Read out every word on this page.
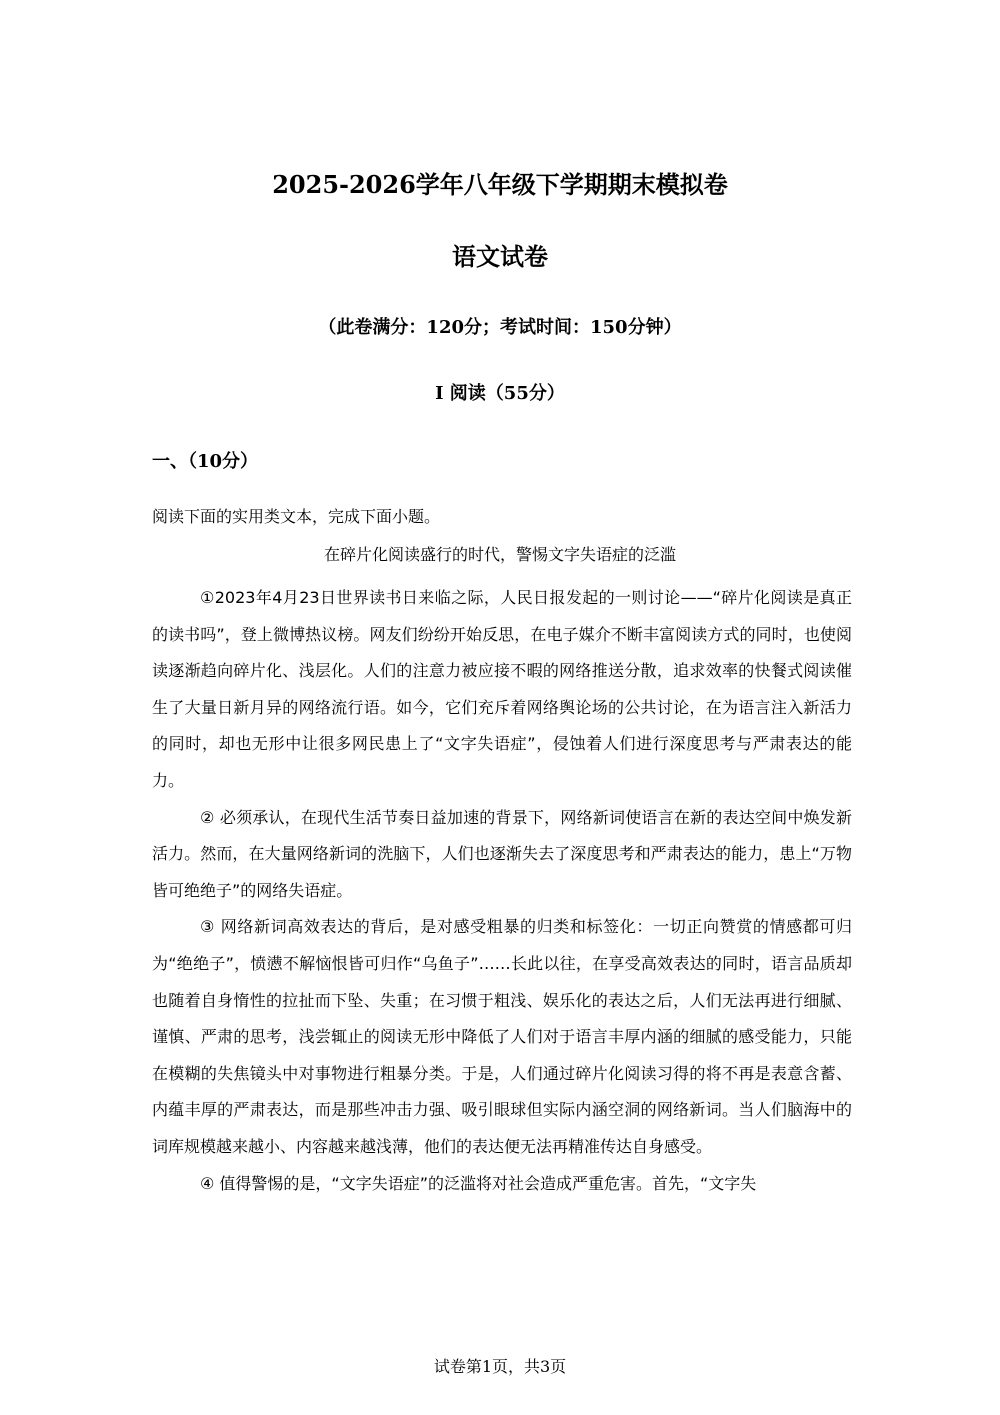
2025-2026学年八年级下学期期末模拟卷
语文试卷
（此卷满分：120分；考试时间：150分钟）
I 阅读（55分）
一、（10分）
阅读下面的实用类文本，完成下面小题。
在碎片化阅读盛行的时代，警惕文字失语症的泛滥

①2023年4月23日世界读书日来临之际，人民日报发起的一则讨论——“碎片化阅读是真正的读书吗”，登上微博热议榜。网友们纷纷开始反思，在电子媒介不断丰富阅读方式的同时，也使阅读逐渐趋向碎片化、浅层化。人们的注意力被应接不暇的网络推送分散，追求效率的快餐式阅读催生了大量日新月异的网络流行语。如今，它们充斥着网络舆论场的公共讨论，在为语言注入新活力的同时，却也无形中让很多网民患上了“文字失语症”，侵蚀着人们进行深度思考与严肃表达的能力。

② 必须承认，在现代生活节奏日益加速的背景下，网络新词使语言在新的表达空间中焕发新活力。然而，在大量网络新词的洗脑下，人们也逐渐失去了深度思考和严肃表达的能力，患上“万物皆可绝绝子”的网络失语症。

③ 网络新词高效表达的背后，是对感受粗暴的归类和标签化：一切正向赞赏的情感都可归为“绝绝子”，愤懑不解恼恨皆可归作“乌鱼子”……长此以往，在享受高效表达的同时，语言品质却也随着自身惰性的拉扯而下坠、失重；在习惯于粗浅、娱乐化的表达之后，人们无法再进行细腻、谨慎、严肃的思考，浅尝辄止的阅读无形中降低了人们对于语言丰厚内涵的细腻的感受能力，只能在模糊的失焦镜头中对事物进行粗暴分类。于是，人们通过碎片化阅读习得的将不再是表意含蓄、内蕴丰厚的严肃表达，而是那些冲击力强、吸引眼球但实际内涵空洞的网络新词。当人们脑海中的词库规模越来越小、内容越来越浅薄，他们的表达便无法再精准传达自身感受。

④ 值得警惕的是，“文字失语症”的泛滥将对社会造成严重危害。首先，“文字失

试卷第1页，共3页
